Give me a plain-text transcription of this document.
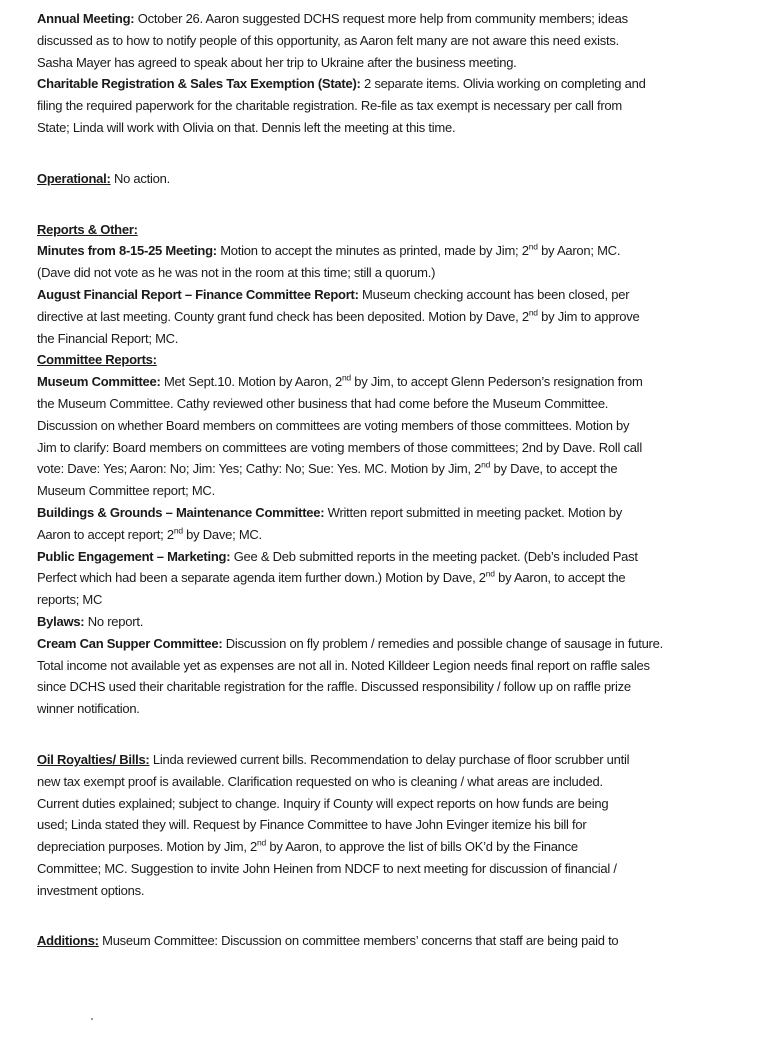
Annual Meeting: October 26. Aaron suggested DCHS request more help from community members; ideas
discussed as to how to notify people of this opportunity, as Aaron felt many are not aware this need exists.
Sasha Mayer has agreed to speak about her trip to Ukraine after the business meeting.
Charitable Registration & Sales Tax Exemption (State): 2 separate items. Olivia working on completing and
filing the required paperwork for the charitable registration. Re-file as tax exempt is necessary per call from
State; Linda will work with Olivia on that. Dennis left the meeting at this time.
Operational: No action.
Reports & Other:
Minutes from 8-15-25 Meeting: Motion to accept the minutes as printed, made by Jim; 2nd by Aaron; MC.
(Dave did not vote as he was not in the room at this time; still a quorum.)
August Financial Report – Finance Committee Report: Museum checking account has been closed, per
directive at last meeting. County grant fund check has been deposited. Motion by Dave, 2nd by Jim to approve
the Financial Report; MC.
Committee Reports:
Museum Committee: Met Sept.10. Motion by Aaron, 2nd by Jim, to accept Glenn Pederson’s resignation from
the Museum Committee. Cathy reviewed other business that had come before the Museum Committee.
Discussion on whether Board members on committees are voting members of those committees. Motion by
Jim to clarify: Board members on committees are voting members of those committees; 2nd by Dave. Roll call
vote: Dave: Yes; Aaron: No; Jim: Yes; Cathy: No; Sue: Yes. MC. Motion by Jim, 2nd by Dave, to accept the
Museum Committee report; MC.
Buildings & Grounds – Maintenance Committee: Written report submitted in meeting packet. Motion by
Aaron to accept report; 2nd by Dave; MC.
Public Engagement – Marketing: Gee & Deb submitted reports in the meeting packet. (Deb’s included Past
Perfect which had been a separate agenda item further down.) Motion by Dave, 2nd by Aaron, to accept the
reports; MC
Bylaws: No report.
Cream Can Supper Committee: Discussion on fly problem / remedies and possible change of sausage in future.
Total income not available yet as expenses are not all in. Noted Killdeer Legion needs final report on raffle sales
since DCHS used their charitable registration for the raffle. Discussed responsibility / follow up on raffle prize
winner notification.
Oil Royalties/ Bills: Linda reviewed current bills. Recommendation to delay purchase of floor scrubber until
new tax exempt proof is available. Clarification requested on who is cleaning / what areas are included.
Current duties explained; subject to change. Inquiry if County will expect reports on how funds are being
used; Linda stated they will. Request by Finance Committee to have John Evinger itemize his bill for
depreciation purposes. Motion by Jim, 2nd by Aaron, to approve the list of bills OK’d by the Finance
Committee; MC. Suggestion to invite John Heinen from NDCF to next meeting for discussion of financial /
investment options.
Additions: Museum Committee: Discussion on committee members’ concerns that staff are being paid to
